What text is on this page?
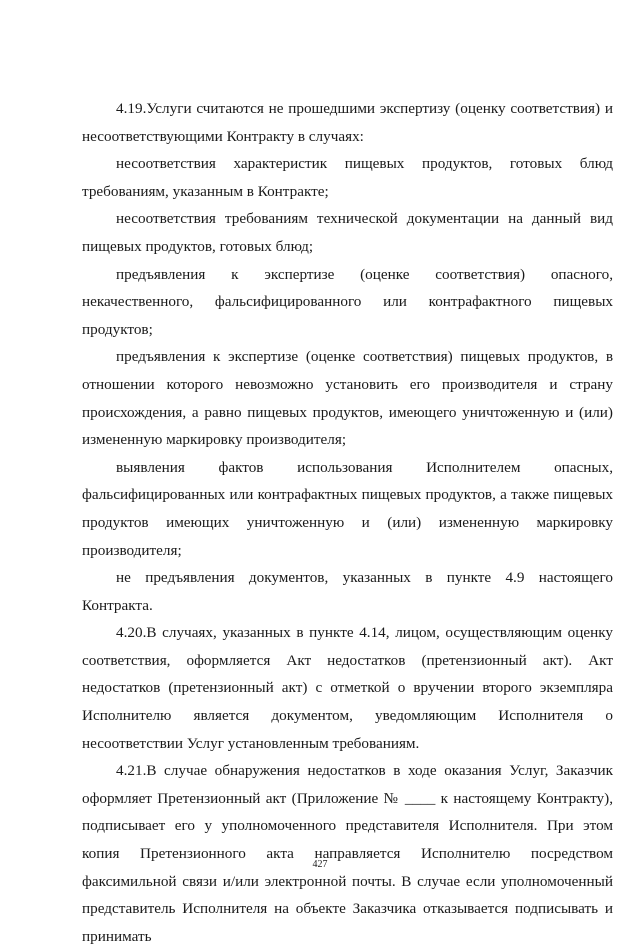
4.19.Услуги считаются не прошедшими экспертизу (оценку соответствия) и несоответствующими Контракту в случаях:

несоответствия характеристик пищевых продуктов, готовых блюд требованиям, указанным в Контракте;

несоответствия требованиям технической документации на данный вид пищевых продуктов, готовых блюд;

предъявления к экспертизе (оценке соответствия) опасного, некачественного, фальсифицированного или контрафактного пищевых продуктов;

предъявления к экспертизе (оценке соответствия) пищевых продуктов, в отношении которого невозможно установить его производителя и страну происхождения, а равно пищевых продуктов, имеющего уничтоженную и (или) измененную маркировку производителя;

выявления фактов использования Исполнителем опасных, фальсифицированных или контрафактных пищевых продуктов, а также пищевых продуктов имеющих уничтоженную и (или) измененную маркировку производителя;

не предъявления документов, указанных в пункте 4.9 настоящего Контракта.

4.20.В случаях, указанных в пункте 4.14, лицом, осуществляющим оценку соответствия, оформляется Акт недостатков (претензионный акт). Акт недостатков (претензионный акт) с отметкой о вручении второго экземпляра Исполнителю является документом, уведомляющим Исполнителя о несоответствии Услуг установленным требованиям.

4.21.В случае обнаружения недостатков в ходе оказания Услуг, Заказчик оформляет Претензионный акт (Приложение № ____ к настоящему Контракту), подписывает его у уполномоченного представителя Исполнителя. При этом копия Претензионного акта направляется Исполнителю посредством факсимильной связи и/или электронной почты. В случае если уполномоченный представитель Исполнителя на объекте Заказчика отказывается подписывать и принимать

427
